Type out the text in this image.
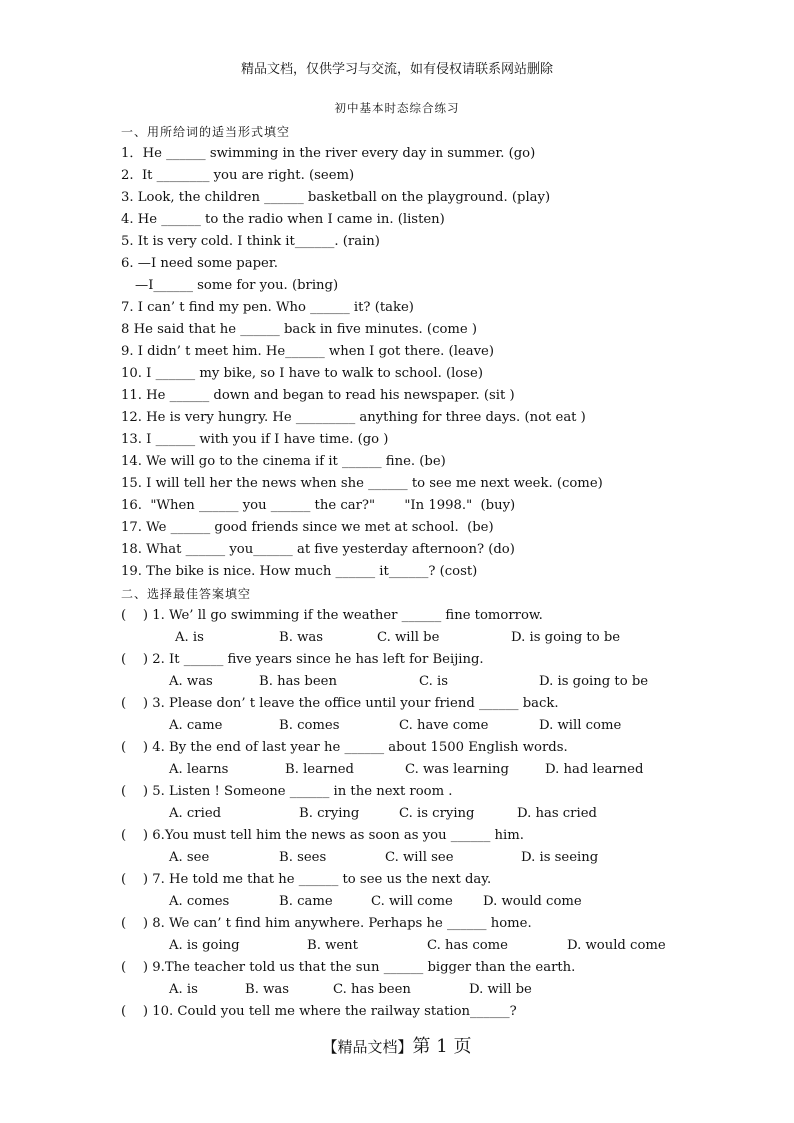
精品文档，仅供学习与交流，如有侵权请联系网站删除
初中基本时态综合练习
一、用所给词的适当形式填空
1．He ______ swimming in the river every day in summer. (go)
2.  It ________ you are right. (seem)
3. Look, the children ______ basketball on the playground. (play)
4. He ______ to the radio when I came in. (listen)
5. It is very cold. I think it______. (rain)
6. —I need some paper.
—I______ some for you. (bring)
7. I can’ t find my pen. Who ______ it? (take)
8 He said that he ______ back in five minutes. (come )
9. I didn’ t meet him. He______ when I got there. (leave)
10. I ______ my bike, so I have to walk to school. (lose)
11. He ______ down and began to read his newspaper. (sit )
12. He is very hungry. He _________ anything for three days. (not eat )
13. I ______ with you if I have time. (go )
14. We will go to the cinema if it ______ fine. (be)
15. I will tell her the news when she ______ to see me next week. (come)
16.  "When ______ you ______ the car?"       "In 1998."  (buy)
17. We ______ good friends since we met at school.  (be)
18. What ______ you______ at five yesterday afternoon? (do)
19. The bike is nice. How much ______ it______? (cost)
二、选择最佳答案填空
(    ) 1. We’ ll go swimming if the weather ______ fine tomorrow.
A. is	B. was	C. will be	D. is going to be
(    ) 2. It ______ five years since he has left for Beijing.
A. was	B. has been	C. is	D. is going to be
(    ) 3. Please don’ t leave the office until your friend ______ back.
A. came	B. comes	C. have come	D. will come
(    ) 4. By the end of last year he ______ about 1500 English words.
A. learns	B. learned	C. was learning	D. had learned
(    ) 5. Listen ! Someone ______ in the next room .
A. cried	B. crying	C. is crying	D. has cried
(    ) 6.You must tell him the news as soon as you ______ him.
A. see	B. sees	C. will see	D. is seeing
(    ) 7. He told me that he ______ to see us the next day.
A. comes	B. came	C. will come D. would come
(    ) 8. We can’ t find him anywhere. Perhaps he ______ home.
A. is going	B. went	C. has come	D. would come
(    ) 9.The teacher told us that the sun ______ bigger than the earth.
A. is	B. was	C. has been	D. will be
(    ) 10. Could you tell me where the railway station______?
【精品文档】第 1 页
